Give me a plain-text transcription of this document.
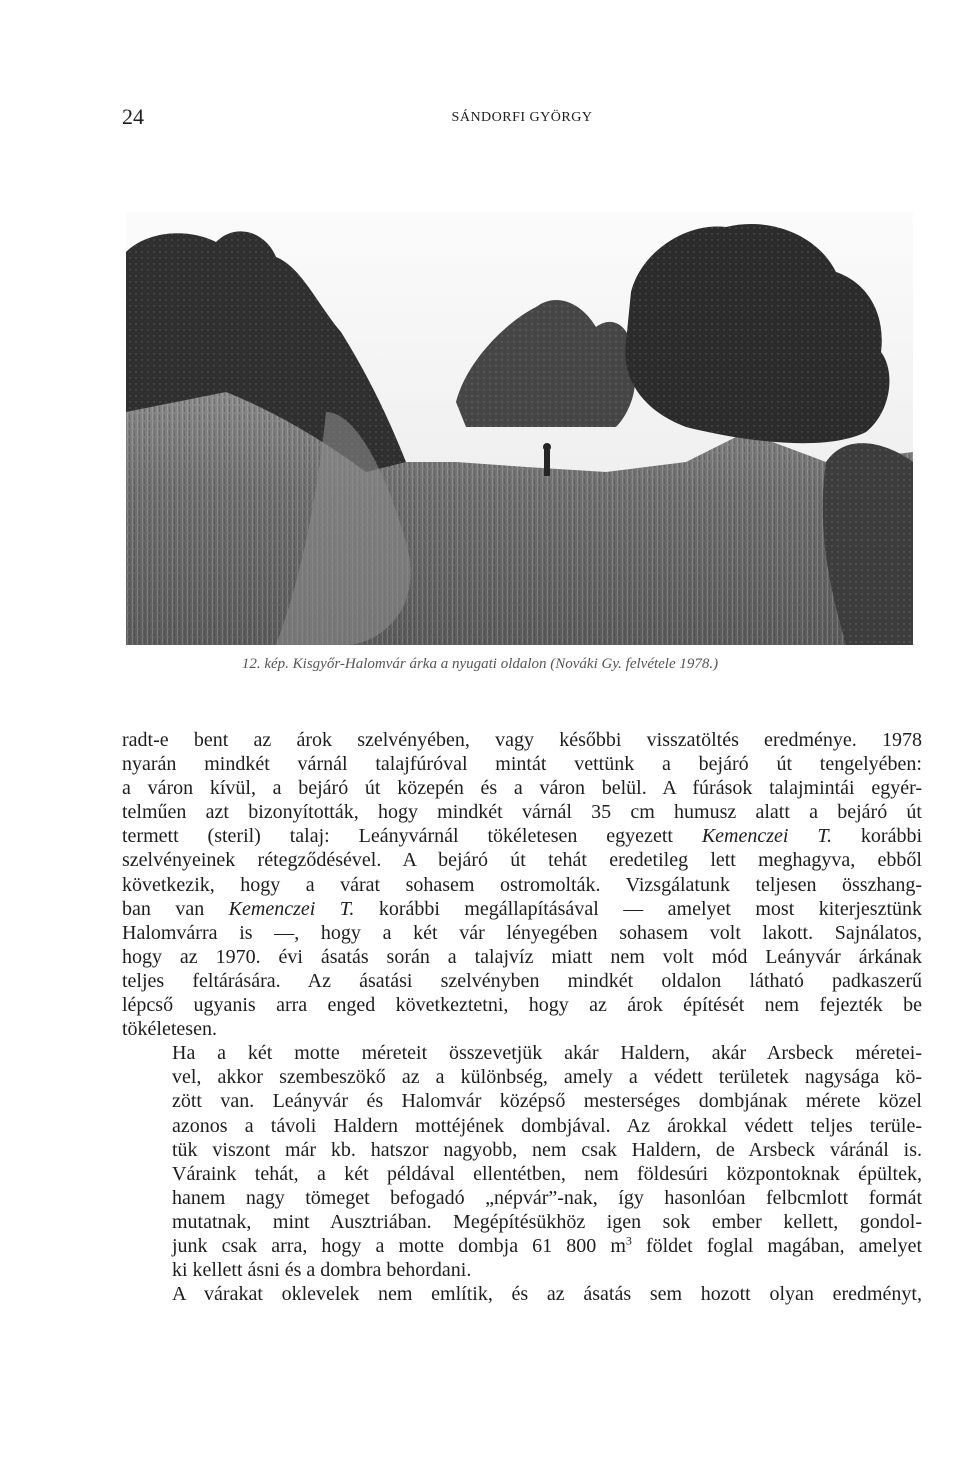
24	SÁNDORFI GYÖRGY
12. kép. Kisgyőr-Halomvár árka a nyugati oldalon (Nováki Gy. felvétele 1978.)

radt-e bent az árok szelvényében, vagy későbbi visszatöltés eredménye. 1978
nyarán mindkét várnál talajfúróval mintát vettünk a bejáró út tengelyében:
a váron kívül, a bejáró út közepén és a váron belül. A fúrások talajmintái egyér-
telműen azt bizonyították, hogy mindkét várnál 35 cm humusz alatt a bejáró út
termett (steril) talaj: Leányvárnál tökéletesen egyezett Kemenczei T. korábbi
szelvényeinek rétegződésével. A bejáró út tehát eredetileg lett meghagyva, ebből
következik, hogy a várat sohasem ostromolták. Vizsgálatunk teljesen összhang-
ban van Kemenczei T. korábbi megállapításával — amelyet most kiterjesztünk
Halomvárra is —, hogy a két vár lényegében sohasem volt lakott. Sajnálatos,
hogy az 1970. évi ásatás során a talajvíz miatt nem volt mód Leányvár árkának
teljes feltárására. Az ásatási szelvényben mindkét oldalon látható padkaszerű
lépcső ugyanis arra enged következtetni, hogy az árok építését nem fejezték be
tökéletesen.

Ha a két motte méreteit összevetjük akár Haldern, akár Arsbeck méretei-
vel, akkor szembeszökő az a különbség, amely a védett területek nagysága kö-
zött van. Leányvár és Halomvár középső mesterséges dombjának mérete közel
azonos a távoli Haldern mottéjének dombjával. Az árokkal védett teljes terüle-
tük viszont már kb. hatszor nagyobb, nem csak Haldern, de Arsbeck váránál is.
Váraink tehát, a két példával ellentétben, nem földesúri központoknak épültek,
hanem nagy tömeget befogadó „népvár”-nak, így hasonlóan felbcmlott formát
mutatnak, mint Ausztriában. Megépítésükhöz igen sok ember kellett, gondol-
junk csak arra, hogy a motte dombja 61 800 $m^3$ földet foglal magában, amelyet
ki kellett ásni és a dombra behordani.

A várakat oklevelek nem említik, és az ásatás sem hozott olyan eredményt,
